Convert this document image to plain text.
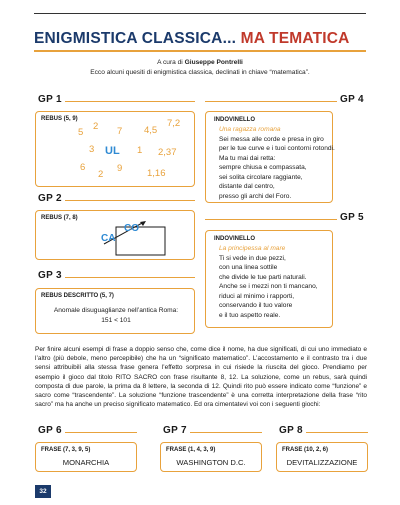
ENIGMISTICA CLASSICA... MA TEMATICA
A cura di Giuseppe Pontrelli
Ecco alcuni quesiti di enigmistica classica, declinati in chiave “matematica”.
GP 1
REBUS (5, 9)
5
2 7 4,5
7,2
3 UL 1 2,37
6
2
9	1,16
GP 2
REBUS (7, 8)
CA
CO
GP 3
REBUS DESCRITTO (5, 7)
Anomale disuguaglianze nell’antica Roma:
151 < 101
GP 4
INDOVINELLO
Una ragazza romana
Sei messa alle corde e presa in giro
per le tue curve e i tuoi contorni rotondi.
Ma tu mai dai retta:
sempre chiusa e compassata,
sei solita circolare raggiante,
distante dal centro,
presso gli archi del Foro.
GP 5
INDOVINELLO
La principessa al mare
Ti si vede in due pezzi,
con una linea sottile
che divide le tue parti naturali.
Anche se i mezzi non ti mancano,
riduci al minimo i rapporti,
conservando il tuo valore
e il tuo aspetto reale.
Per finire alcuni esempi di frase a doppio senso che, come dice il nome, ha due significati, di cui uno immediato e l’altro (più debole, meno percepibile) che ha un “significato matematico”. L’accostamento e il contrasto tra i due sensi attribuibili alla stessa frase genera l’effetto sorpresa in cui risiede la riuscita del gioco. Prendiamo per esempio il gioco dal titolo RITO SACRO con frase risultante 8, 12. La soluzione, come un rebus, sarà quindi composta di due parole, la prima da 8 lettere, la seconda di 12. Quindi rito può essere indicato come “funzione” e sacro come “trascendente”. La soluzione “funzione trascendente” è una corretta interpretazione della frase “rito sacro” ma ha anche un preciso significato matematico. Ed ora cimentatevi voi con i seguenti giochi:
GP 6
FRASE (7, 3, 9, 5)
MONARCHIA
GP 7
FRASE (1, 4, 3, 9)
WASHINGTON D.C.
GP 8
FRASE (10, 2, 6)
DEVITALIZZAZIONE
32
